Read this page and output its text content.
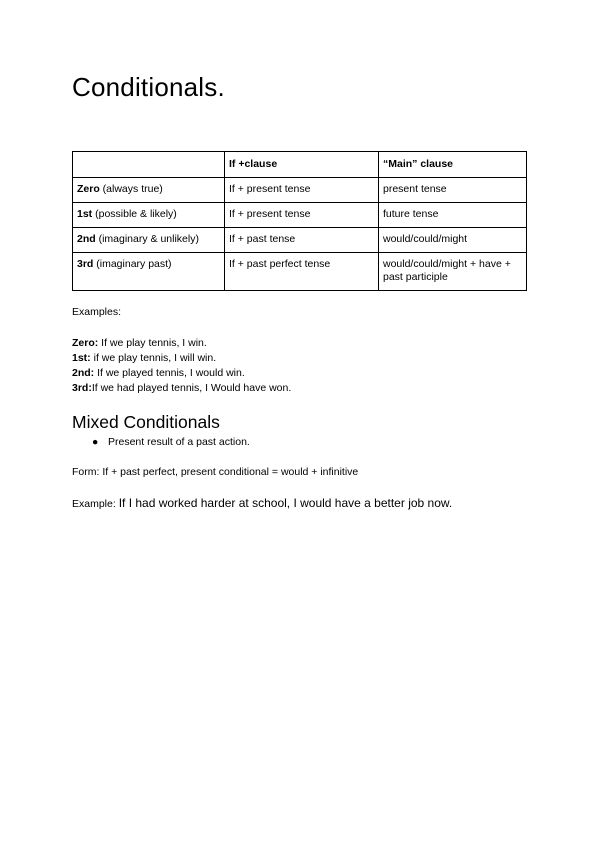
Conditionals.
	If +clause	“Main” clause
Zero (always true)	If + present tense	present tense
1st (possible & likely)	If + present tense	future tense
2nd (imaginary & unlikely)	If + past tense	would/could/might
3rd (imaginary past)	If + past perfect tense	would/could/might + have + past participle
Examples:
Zero: If we play tennis, I win.
1st: if we play tennis, I will win.
2nd: If we played tennis, I would win.
3rd:If we had played tennis, I Would have won.
Mixed Conditionals
● Present result of a past action.
Form: If + past perfect, present conditional = would + infinitive
Example: If I had worked harder at school, I would have a better job now.
